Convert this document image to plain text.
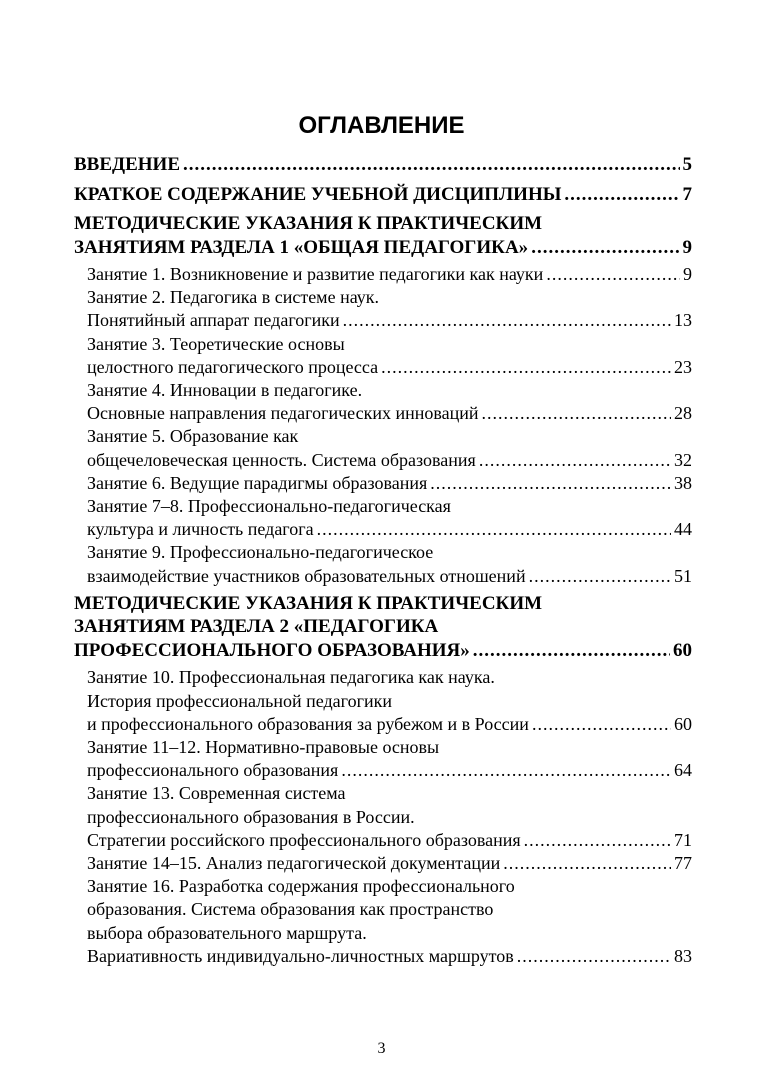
ОГЛАВЛЕНИЕ
ВВЕДЕНИЕ .....	5
КРАТКОЕ СОДЕРЖАНИЕ УЧЕБНОЙ ДИСЦИПЛИНЫ .....	7
МЕТОДИЧЕСКИЕ УКАЗАНИЯ К ПРАКТИЧЕСКИМ
ЗАНЯТИЯМ РАЗДЕЛА 1 «ОБЩАЯ ПЕДАГОГИКА» .....	9
Занятие 1. Возникновение и развитие педагогики как науки .....	9
Занятие 2. Педагогика в системе наук.
Понятийный аппарат педагогики .....	13
Занятие 3. Теоретические основы
целостного педагогического процесса .....	23
Занятие 4. Инновации в педагогике.
Основные направления педагогических инноваций .....	28
Занятие 5. Образование как
общечеловеческая ценность. Система образования .....	32
Занятие 6. Ведущие парадигмы образования .....	38
Занятие 7–8. Профессионально-педагогическая
культура и личность педагога .....	44
Занятие 9. Профессионально-педагогическое
взаимодействие участников образовательных отношений .....	51
МЕТОДИЧЕСКИЕ УКАЗАНИЯ К ПРАКТИЧЕСКИМ
ЗАНЯТИЯМ РАЗДЕЛА 2 «ПЕДАГОГИКА
ПРОФЕССИОНАЛЬНОГО ОБРАЗОВАНИЯ» .....	60
Занятие 10. Профессиональная педагогика как наука.
История профессиональной педагогики
и профессионального образования за рубежом и в России .....	60
Занятие 11–12. Нормативно-правовые основы
профессионального образования .....	64
Занятие 13. Современная система
профессионального образования в России.
Стратегии российского профессионального образования .....	71
Занятие 14–15. Анализ педагогической документации .....	77
Занятие 16. Разработка содержания профессионального
образования. Система образования как пространство
выбора образовательного маршрута.
Вариативность индивидуально-личностных маршрутов .....	83
3
